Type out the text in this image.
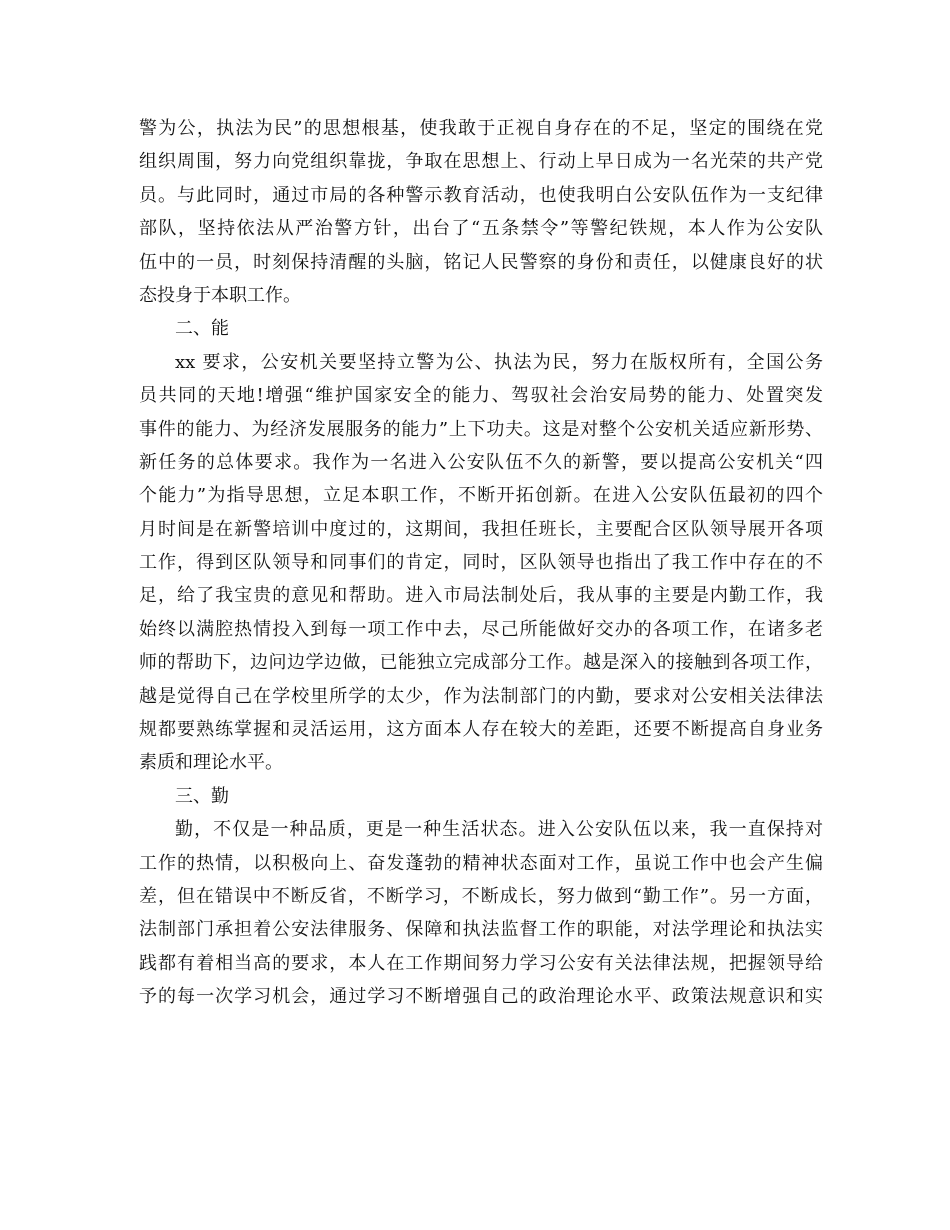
警为公，执法为民”的思想根基，使我敢于正视自身存在的不足，坚定的围绕在党
组织周围，努力向党组织靠拢，争取在思想上、行动上早日成为一名光荣的共产党
员。与此同时，通过市局的各种警示教育活动，也使我明白公安队伍作为一支纪律
部队，坚持依法从严治警方针，出台了“五条禁令”等警纪铁规，本人作为公安队
伍中的一员，时刻保持清醒的头脑，铭记人民警察的身份和责任，以健康良好的状
态投身于本职工作。
二、能
xx 要求，公安机关要坚持立警为公、执法为民，努力在版权所有，全国公务
员共同的天地!增强“维护国家安全的能力、驾驭社会治安局势的能力、处置突发
事件的能力、为经济发展服务的能力”上下功夫。这是对整个公安机关适应新形势、
新任务的总体要求。我作为一名进入公安队伍不久的新警，要以提高公安机关“四
个能力”为指导思想，立足本职工作，不断开拓创新。在进入公安队伍最初的四个
月时间是在新警培训中度过的，这期间，我担任班长，主要配合区队领导展开各项
工作，得到区队领导和同事们的肯定，同时，区队领导也指出了我工作中存在的不
足，给了我宝贵的意见和帮助。进入市局法制处后，我从事的主要是内勤工作，我
始终以满腔热情投入到每一项工作中去，尽己所能做好交办的各项工作，在诸多老
师的帮助下，边问边学边做，已能独立完成部分工作。越是深入的接触到各项工作，
越是觉得自己在学校里所学的太少，作为法制部门的内勤，要求对公安相关法律法
规都要熟练掌握和灵活运用，这方面本人存在较大的差距，还要不断提高自身业务
素质和理论水平。
三、勤
勤，不仅是一种品质，更是一种生活状态。进入公安队伍以来，我一直保持对
工作的热情，以积极向上、奋发蓬勃的精神状态面对工作，虽说工作中也会产生偏
差，但在错误中不断反省，不断学习，不断成长，努力做到“勤工作”。另一方面，
法制部门承担着公安法律服务、保障和执法监督工作的职能，对法学理论和执法实
践都有着相当高的要求，本人在工作期间努力学习公安有关法律法规，把握领导给
予的每一次学习机会，通过学习不断增强自己的政治理论水平、政策法规意识和实
